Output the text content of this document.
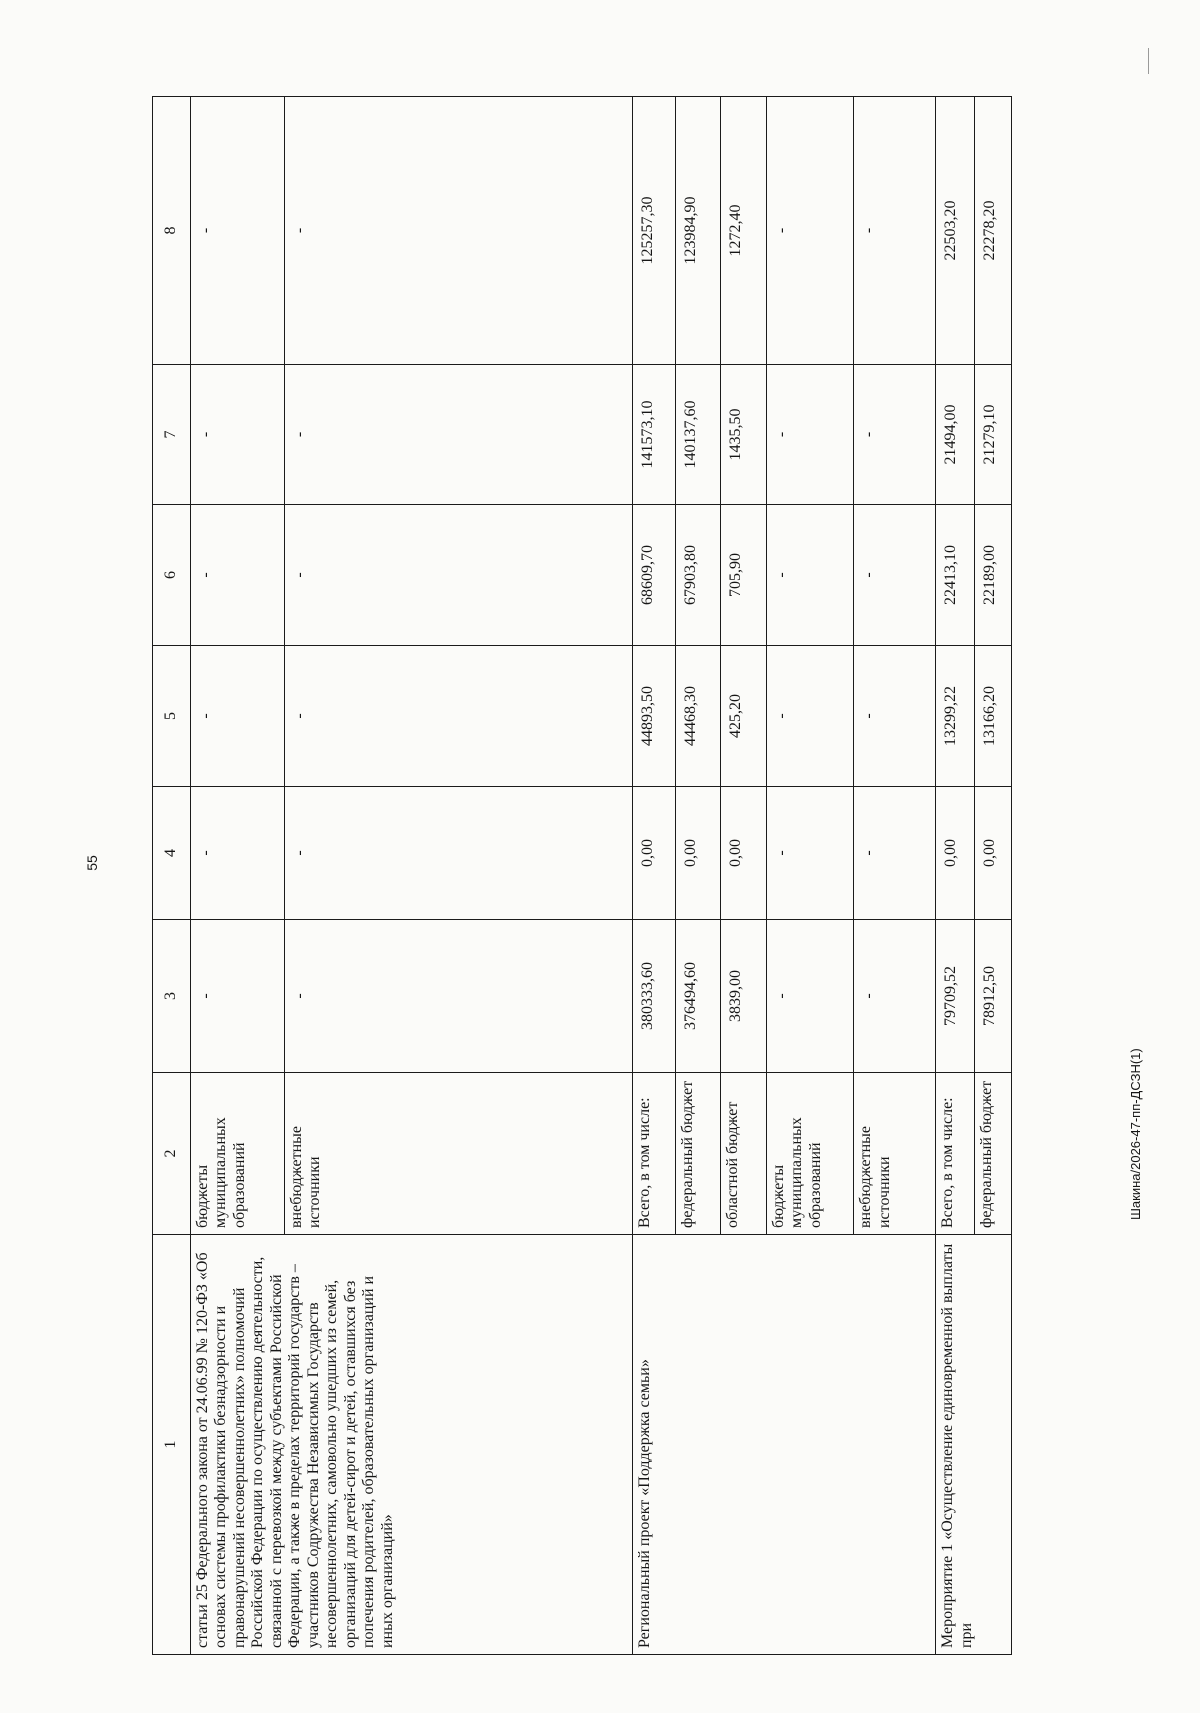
55
Шакина/2026-47-пп-ДСЗН(1)
1	2	3	4	5	6	7	8

статьи 25 Федерального закона от 24.06.99 № 120-ФЗ «Об основах системы профилактики безнадзорности и правонарушений несовершеннолетних» полномочий Российской Федерации по осуществлению деятельности, связанной с перевозкой между субъектами Российской Федерации, а также в пределах территорий государств – участников Содружества Независимых Государств несовершеннолетних, самовольно ушедших из семей, организаций для детей-сирот и детей, оставшихся без попечения родителей, образовательных организаций и иных организаций»	бюджеты муниципальных образований	-	-	-	-	-	-
	внебюджетные источники	-	-	-	-	-	-

Региональный проект «Поддержка семьи»	Всего, в том числе:	380333,60	0,00	44893,50	68609,70	141573,10	125257,30
	федеральный бюджет	376494,60	0,00	44468,30	67903,80	140137,60	123984,90
	областной бюджет	3839,00	0,00	425,20	705,90	1435,50	1272,40
	бюджеты муниципальных образований	-	-	-	-	-	-
	внебюджетные источники	-	-	-	-	-	-

Мероприятие 1 «Осуществление единовременной выплаты при	Всего, в том числе:	79709,52	0,00	13299,22	22413,10	21494,00	22503,20
	федеральный бюджет	78912,50	0,00	13166,20	22189,00	21279,10	22278,20
